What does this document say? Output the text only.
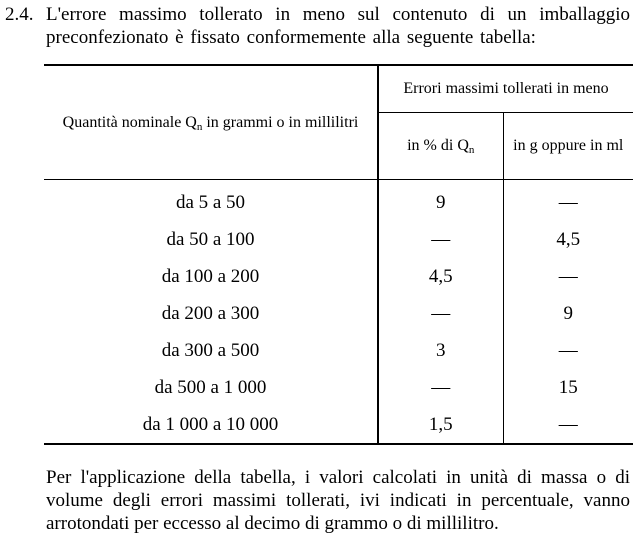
2.4. L'errore massimo tollerato in meno sul contenuto di un imballaggio preconfezionato è fissato conformemente alla seguente tabella:
Quantità nominale $Q_n$ in grammi o in millilitri	Errori massimi tollerati in meno	
	in % di $Q_n$	in g oppure in ml
da 5 a 50	9	—
da 50 a 100	—	4,5
da 100 a 200	4,5	—
da 200 a 300	—	9
da 300 a 500	3	—
da 500 a 1 000	—	15
da 1 000 a 10 000	1,5	—
Per l'applicazione della tabella, i valori calcolati in unità di massa o di volume degli errori massimi tollerati, ivi indicati in percentuale, vanno arrotondati per eccesso al decimo di grammo o di millilitro.
